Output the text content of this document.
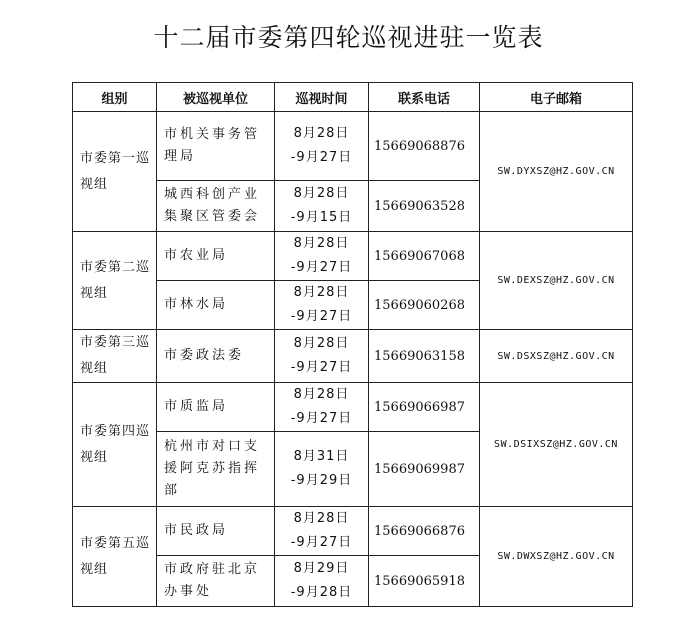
十二届市委第四轮巡视进驻一览表
组别	被巡视单位	巡视时间	联系电话	电子邮箱
市委第一巡视组	市机关事务管理局	8月28日
-9月27日	15669068876	SW.DYXSZ@HZ.GOV.CN
	城西科创产业集聚区管委会	8月28日
-9月15日	15669063528	
市委第二巡视组	市农业局	8月28日
-9月27日	15669067068	SW.DEXSZ@HZ.GOV.CN
	市林水局	8月28日
-9月27日	15669060268	
市委第三巡视组	市委政法委	8月28日
-9月27日	15669063158	SW.DSXSZ@HZ.GOV.CN
市委第四巡视组	市质监局	8月28日
-9月27日	15669066987	SW.DSIXSZ@HZ.GOV.CN
	杭州市对口支援阿克苏指挥部	8月31日
-9月29日	15669069987	
市委第五巡视组	市民政局	8月28日
-9月27日	15669066876	SW.DWXSZ@HZ.GOV.CN
	市政府驻北京办事处	8月29日
-9月28日	15669065918	
